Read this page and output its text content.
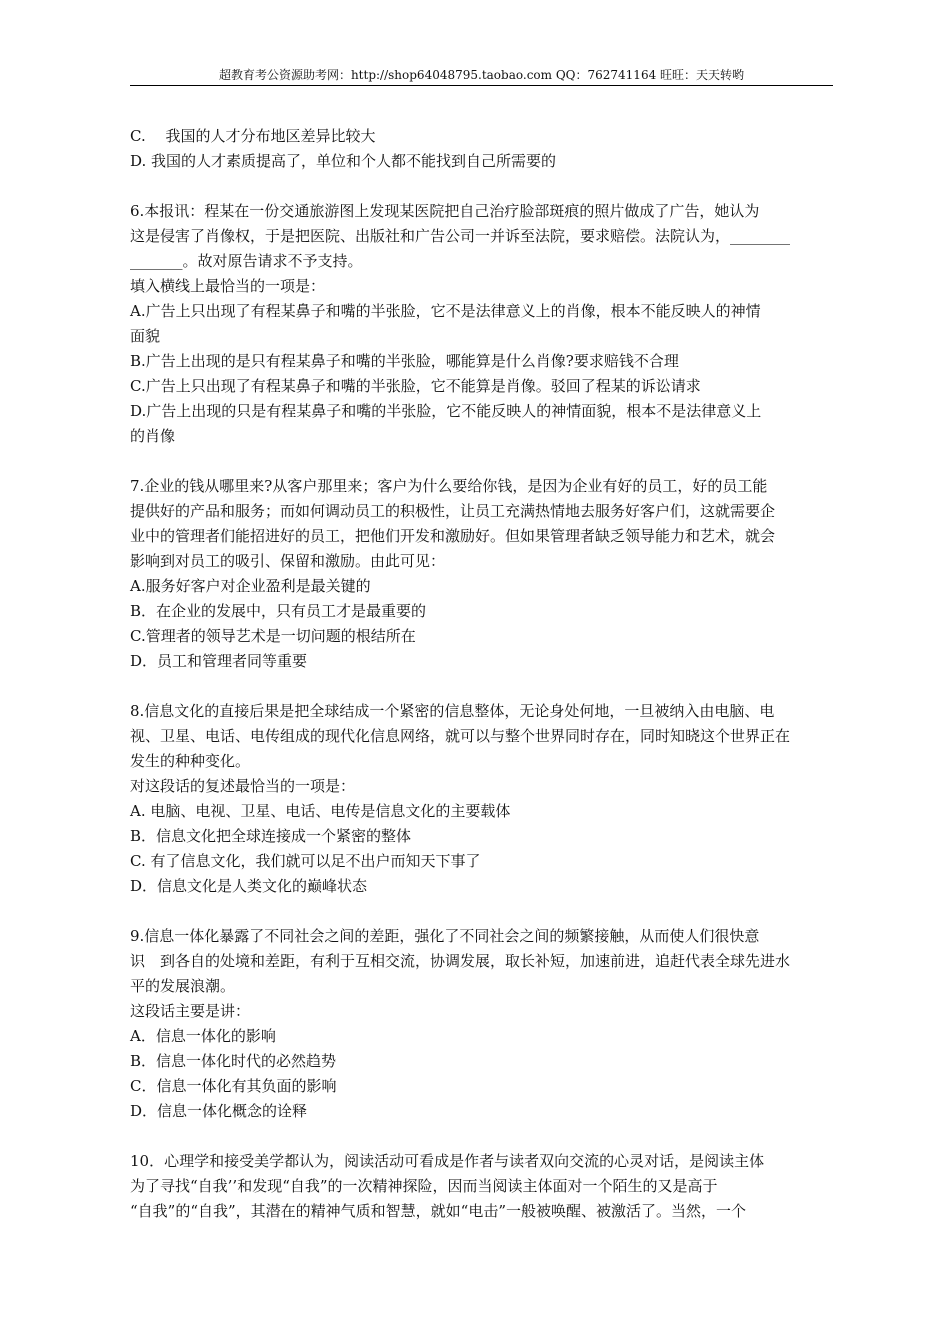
超教育考公资源助考网：http://shop64048795.taobao.com QQ：762741164 旺旺：天天转哟

C.　 我国的人才分布地区差异比较大

D. 我国的人才素质提高了，单位和个人都不能找到自己所需要的

6.本报讯：程某在一份交通旅游图上发现某医院把自己治疗脸部斑痕的照片做成了广告，她认为

这是侵害了肖像权，于是把医院、出版社和广告公司一并诉至法院，要求赔偿。法院认为，________

_______。故对原告请求不予支持。

填入横线上最恰当的一项是：

A.广告上只出现了有程某鼻子和嘴的半张脸，它不是法律意义上的肖像，根本不能反映人的神情

面貌

B.广告上出现的是只有程某鼻子和嘴的半张脸，哪能算是什么肖像?要求赔钱不合理

C.广告上只出现了有程某鼻子和嘴的半张脸，它不能算是肖像。驳回了程某的诉讼请求

D.广告上出现的只是有程某鼻子和嘴的半张脸，它不能反映人的神情面貌，根本不是法律意义上

的肖像

7.企业的钱从哪里来?从客户那里来；客户为什么要给你钱，是因为企业有好的员工，好的员工能

提供好的产品和服务；而如何调动员工的积极性，让员工充满热情地去服务好客户们，这就需要企

业中的管理者们能招进好的员工，把他们开发和激励好。但如果管理者缺乏领导能力和艺术，就会

影响到对员工的吸引、保留和激励。由此可见：

A.服务好客户对企业盈利是最关键的

B．在企业的发展中，只有员工才是最重要的

C.管理者的领导艺术是一切问题的根结所在

D．员工和管理者同等重要

8.信息文化的直接后果是把全球结成一个紧密的信息整体，无论身处何地，一旦被纳入由电脑、电

视、卫星、电话、电传组成的现代化信息网络，就可以与整个世界同时存在，同时知晓这个世界正在

发生的种种变化。

对这段话的复述最恰当的一项是：

A. 电脑、电视、卫星、电话、电传是信息文化的主要载体

B．信息文化把全球连接成一个紧密的整体

C. 有了信息文化，我们就可以足不出户而知天下事了

D．信息文化是人类文化的巅峰状态

9.信息一体化暴露了不同社会之间的差距，强化了不同社会之间的频繁接触，从而使人们很快意

识　到各自的处境和差距，有利于互相交流，协调发展，取长补短，加速前进，追赶代表全球先进水

平的发展浪潮。

这段话主要是讲：

A．信息一体化的影响

B．信息一体化时代的必然趋势

C．信息一体化有其负面的影响

D．信息一体化概念的诠释

10．心理学和接受美学都认为，阅读活动可看成是作者与读者双向交流的心灵对话，是阅读主体

为了寻找“自我’’和发现“自我”的一次精神探险，因而当阅读主体面对一个陌生的又是高于

“自我”的“自我”，其潜在的精神气质和智慧，就如“电击”一般被唤醒、被激活了。当然，一个
